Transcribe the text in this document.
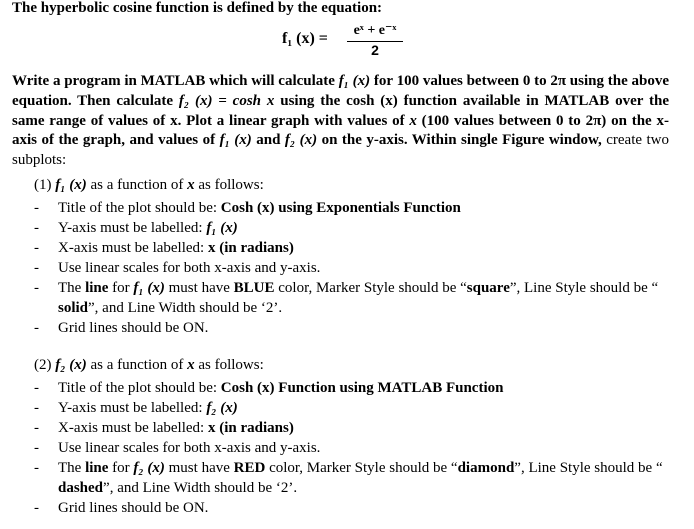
The hyperbolic cosine function is defined by the equation:
f₁ (x) =	eˣ + e⁻ˣ
2
Write a program in MATLAB which will calculate f₁ (x) for 100 values between 0 to 2π using the above equation. Then calculate f₂ (x) = cosh x using the cosh (x) function available in MATLAB over the same range of values of x. Plot a linear graph with values of x (100 values between 0 to 2π) on the x-axis of the graph, and values of f₁ (x) and f₂ (x) on the y-axis. Within single Figure window, create two subplots:
(1) f₁ (x) as a function of x as follows:
- Title of the plot should be: Cosh (x) using Exponentials Function
- Y-axis must be labelled: f₁ (x)
- X-axis must be labelled: x (in radians)
- Use linear scales for both x-axis and y-axis.
- The line for f₁ (x) must have BLUE color, Marker Style should be “square”, Line Style should be “
solid”, and Line Width should be ‘2’.
- Grid lines should be ON.
(2) f₂ (x) as a function of x as follows:
- Title of the plot should be: Cosh (x) Function using MATLAB Function
- Y-axis must be labelled: f₂ (x)
- X-axis must be labelled: x (in radians)
- Use linear scales for both x-axis and y-axis.
- The line for f₂ (x) must have RED color, Marker Style should be “diamond”, Line Style should be “
dashed”, and Line Width should be ‘2’.
- Grid lines should be ON.
